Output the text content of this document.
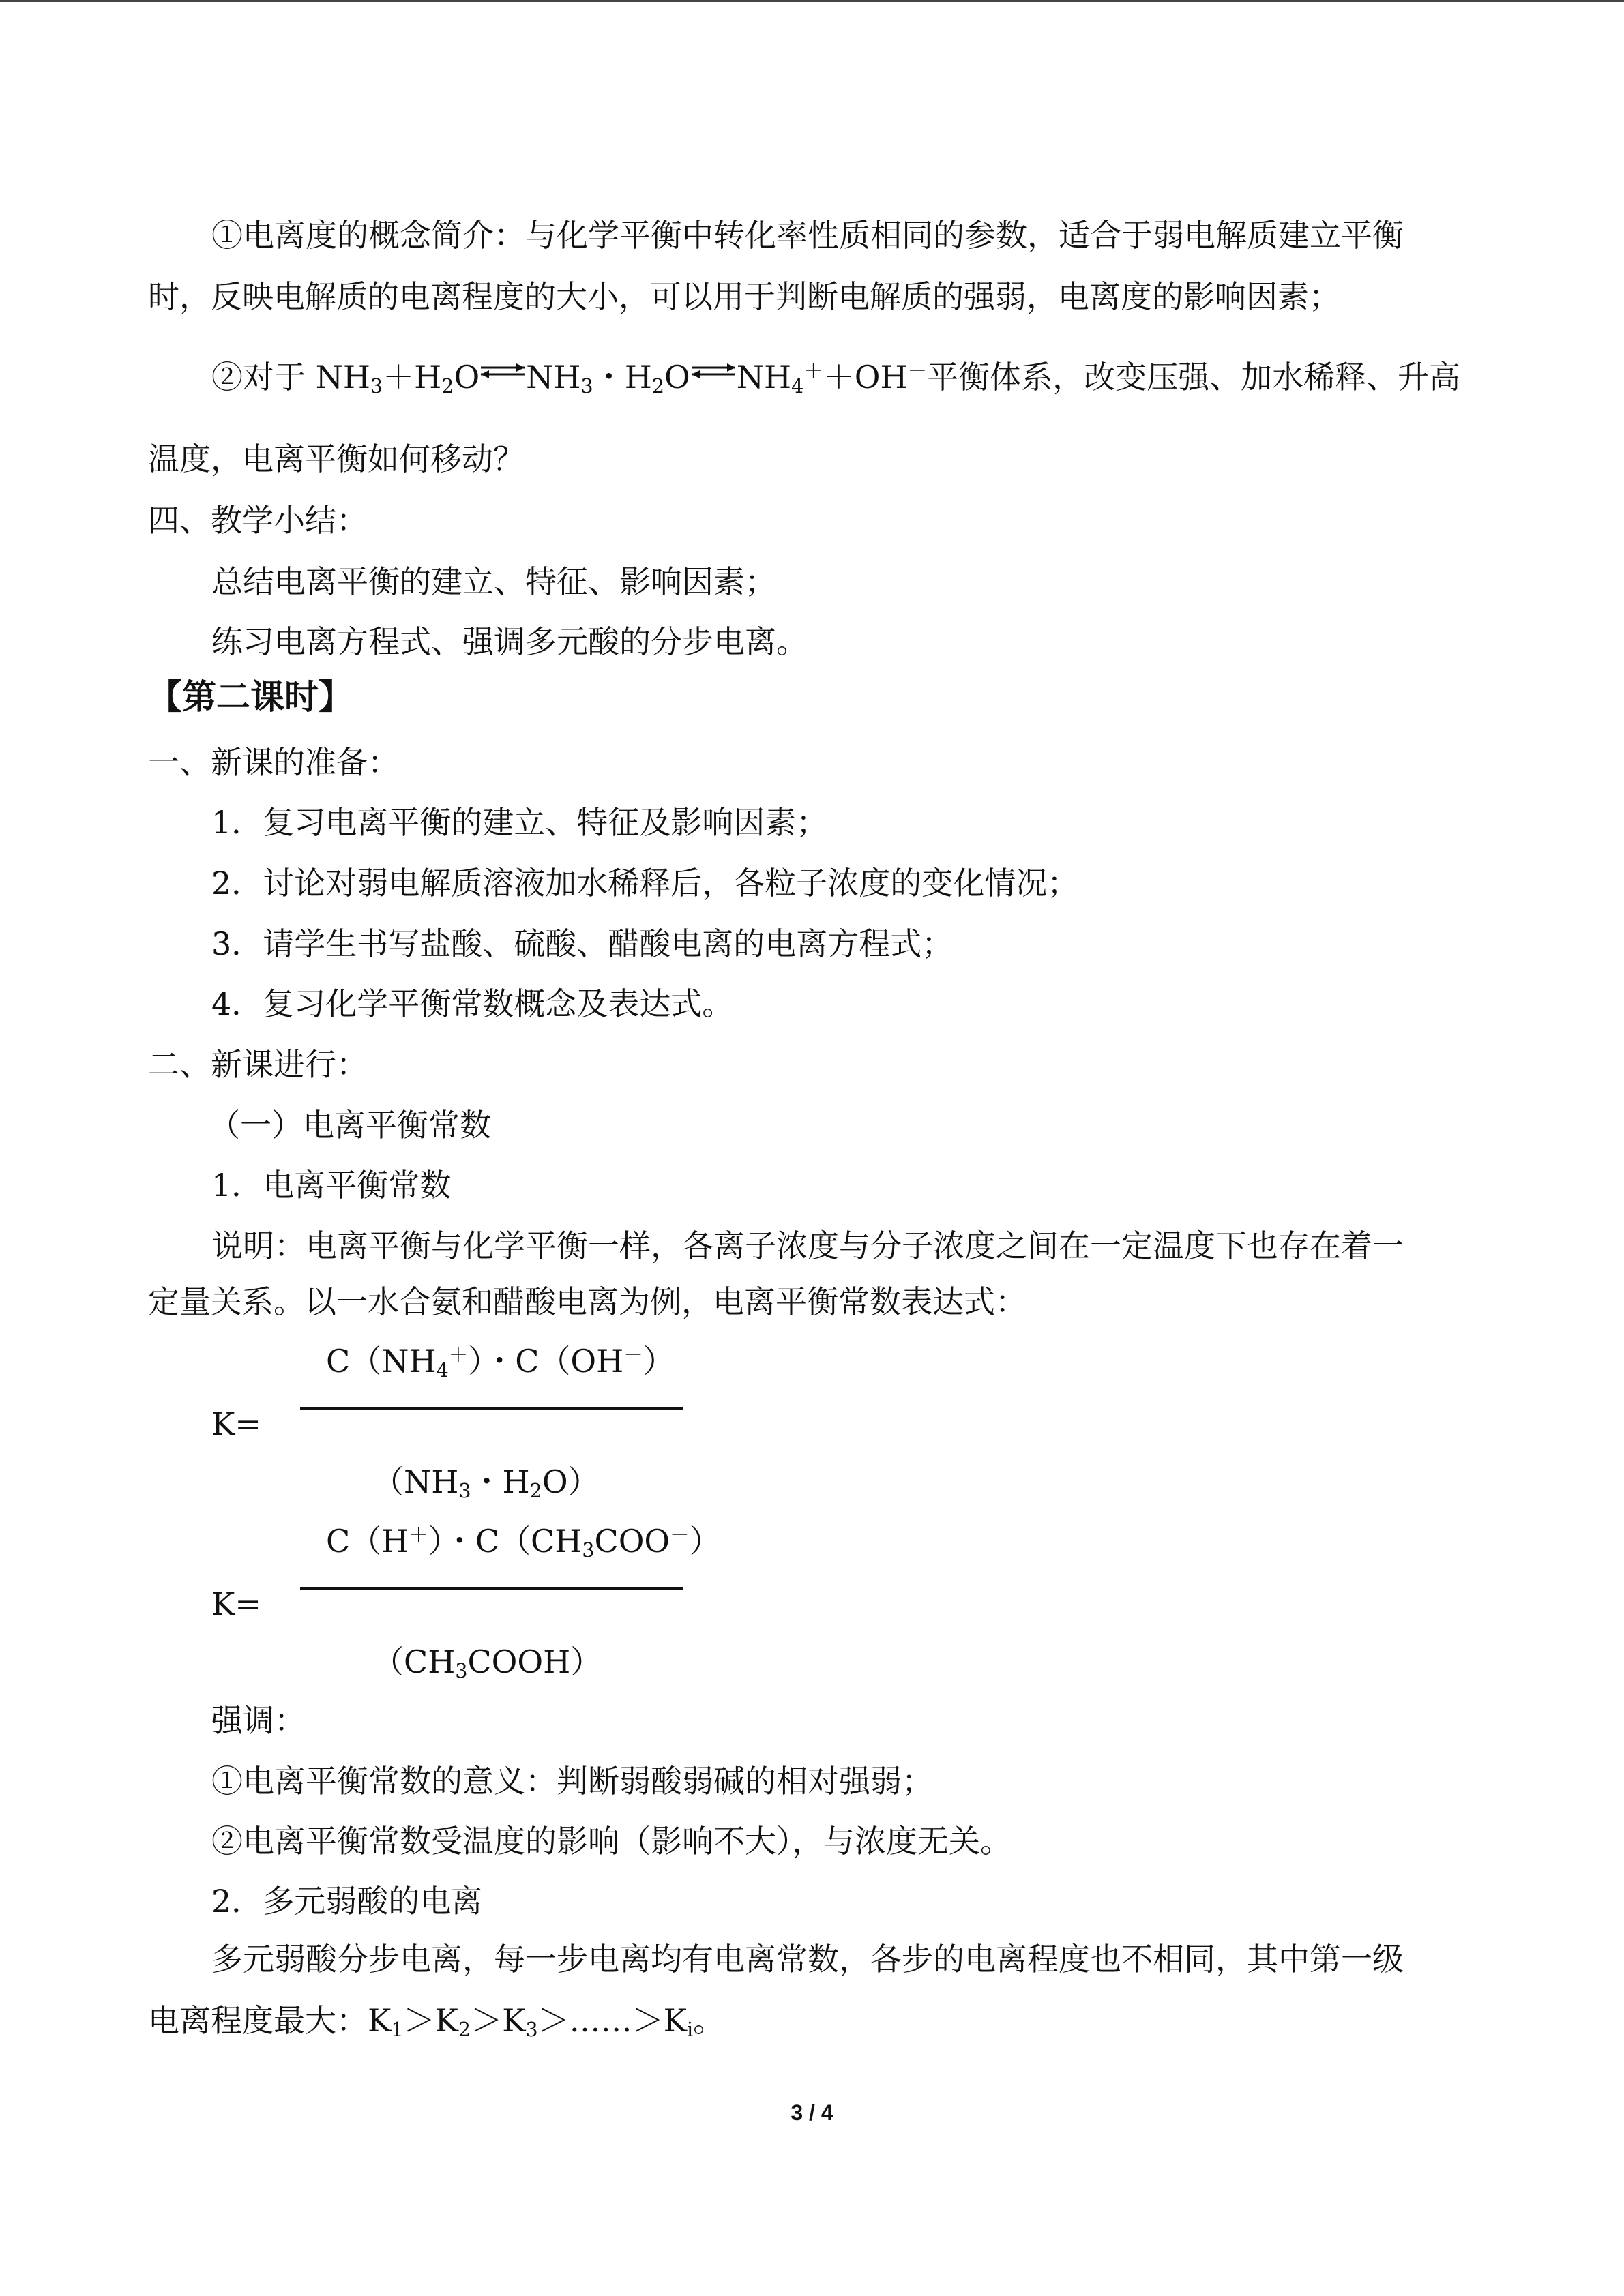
①电离度的概念简介：与化学平衡中转化率性质相同的参数，适合于弱电解质建立平衡
时，反映电解质的电离程度的大小，可以用于判断电解质的强弱，电离度的影响因素；
②对于 $NH_3+H_2O$ $NH_3$・$H_2O$ $NH_4^++OH^-$平衡体系，改变压强、加水稀释、升高
温度，电离平衡如何移动？
四、教学小结：
总结电离平衡的建立、特征、影响因素；
练习电离方程式、强调多元酸的分步电离。
【第二课时】
一、新课的准备：
1．复习电离平衡的建立、特征及影响因素；
2．讨论对弱电解质溶液加水稀释后，各粒子浓度的变化情况；
3．请学生书写盐酸、硫酸、醋酸电离的电离方程式；
4．复习化学平衡常数概念及表达式。
二、新课进行：
（一）电离平衡常数
1．电离平衡常数
说明：电离平衡与化学平衡一样，各离子浓度与分子浓度之间在一定温度下也存在着一
定量关系。以一水合氨和醋酸电离为例，电离平衡常数表达式：
$C(NH_4^+)$・C（OH－）
K=
（$NH_3$・$H_2O$）
C（H＋）・$C(CH_3COO^-)$
K=
$(CH_3COOH)$
强调：
①电离平衡常数的意义：判断弱酸弱碱的相对强弱；
②电离平衡常数受温度的影响（影响不大），与浓度无关。
2．多元弱酸的电离
多元弱酸分步电离，每一步电离均有电离常数，各步的电离程度也不相同，其中第一级
电离程度最大：$K_1>K_2>K_3>\dots\dots>K_i$。
3 / 4
